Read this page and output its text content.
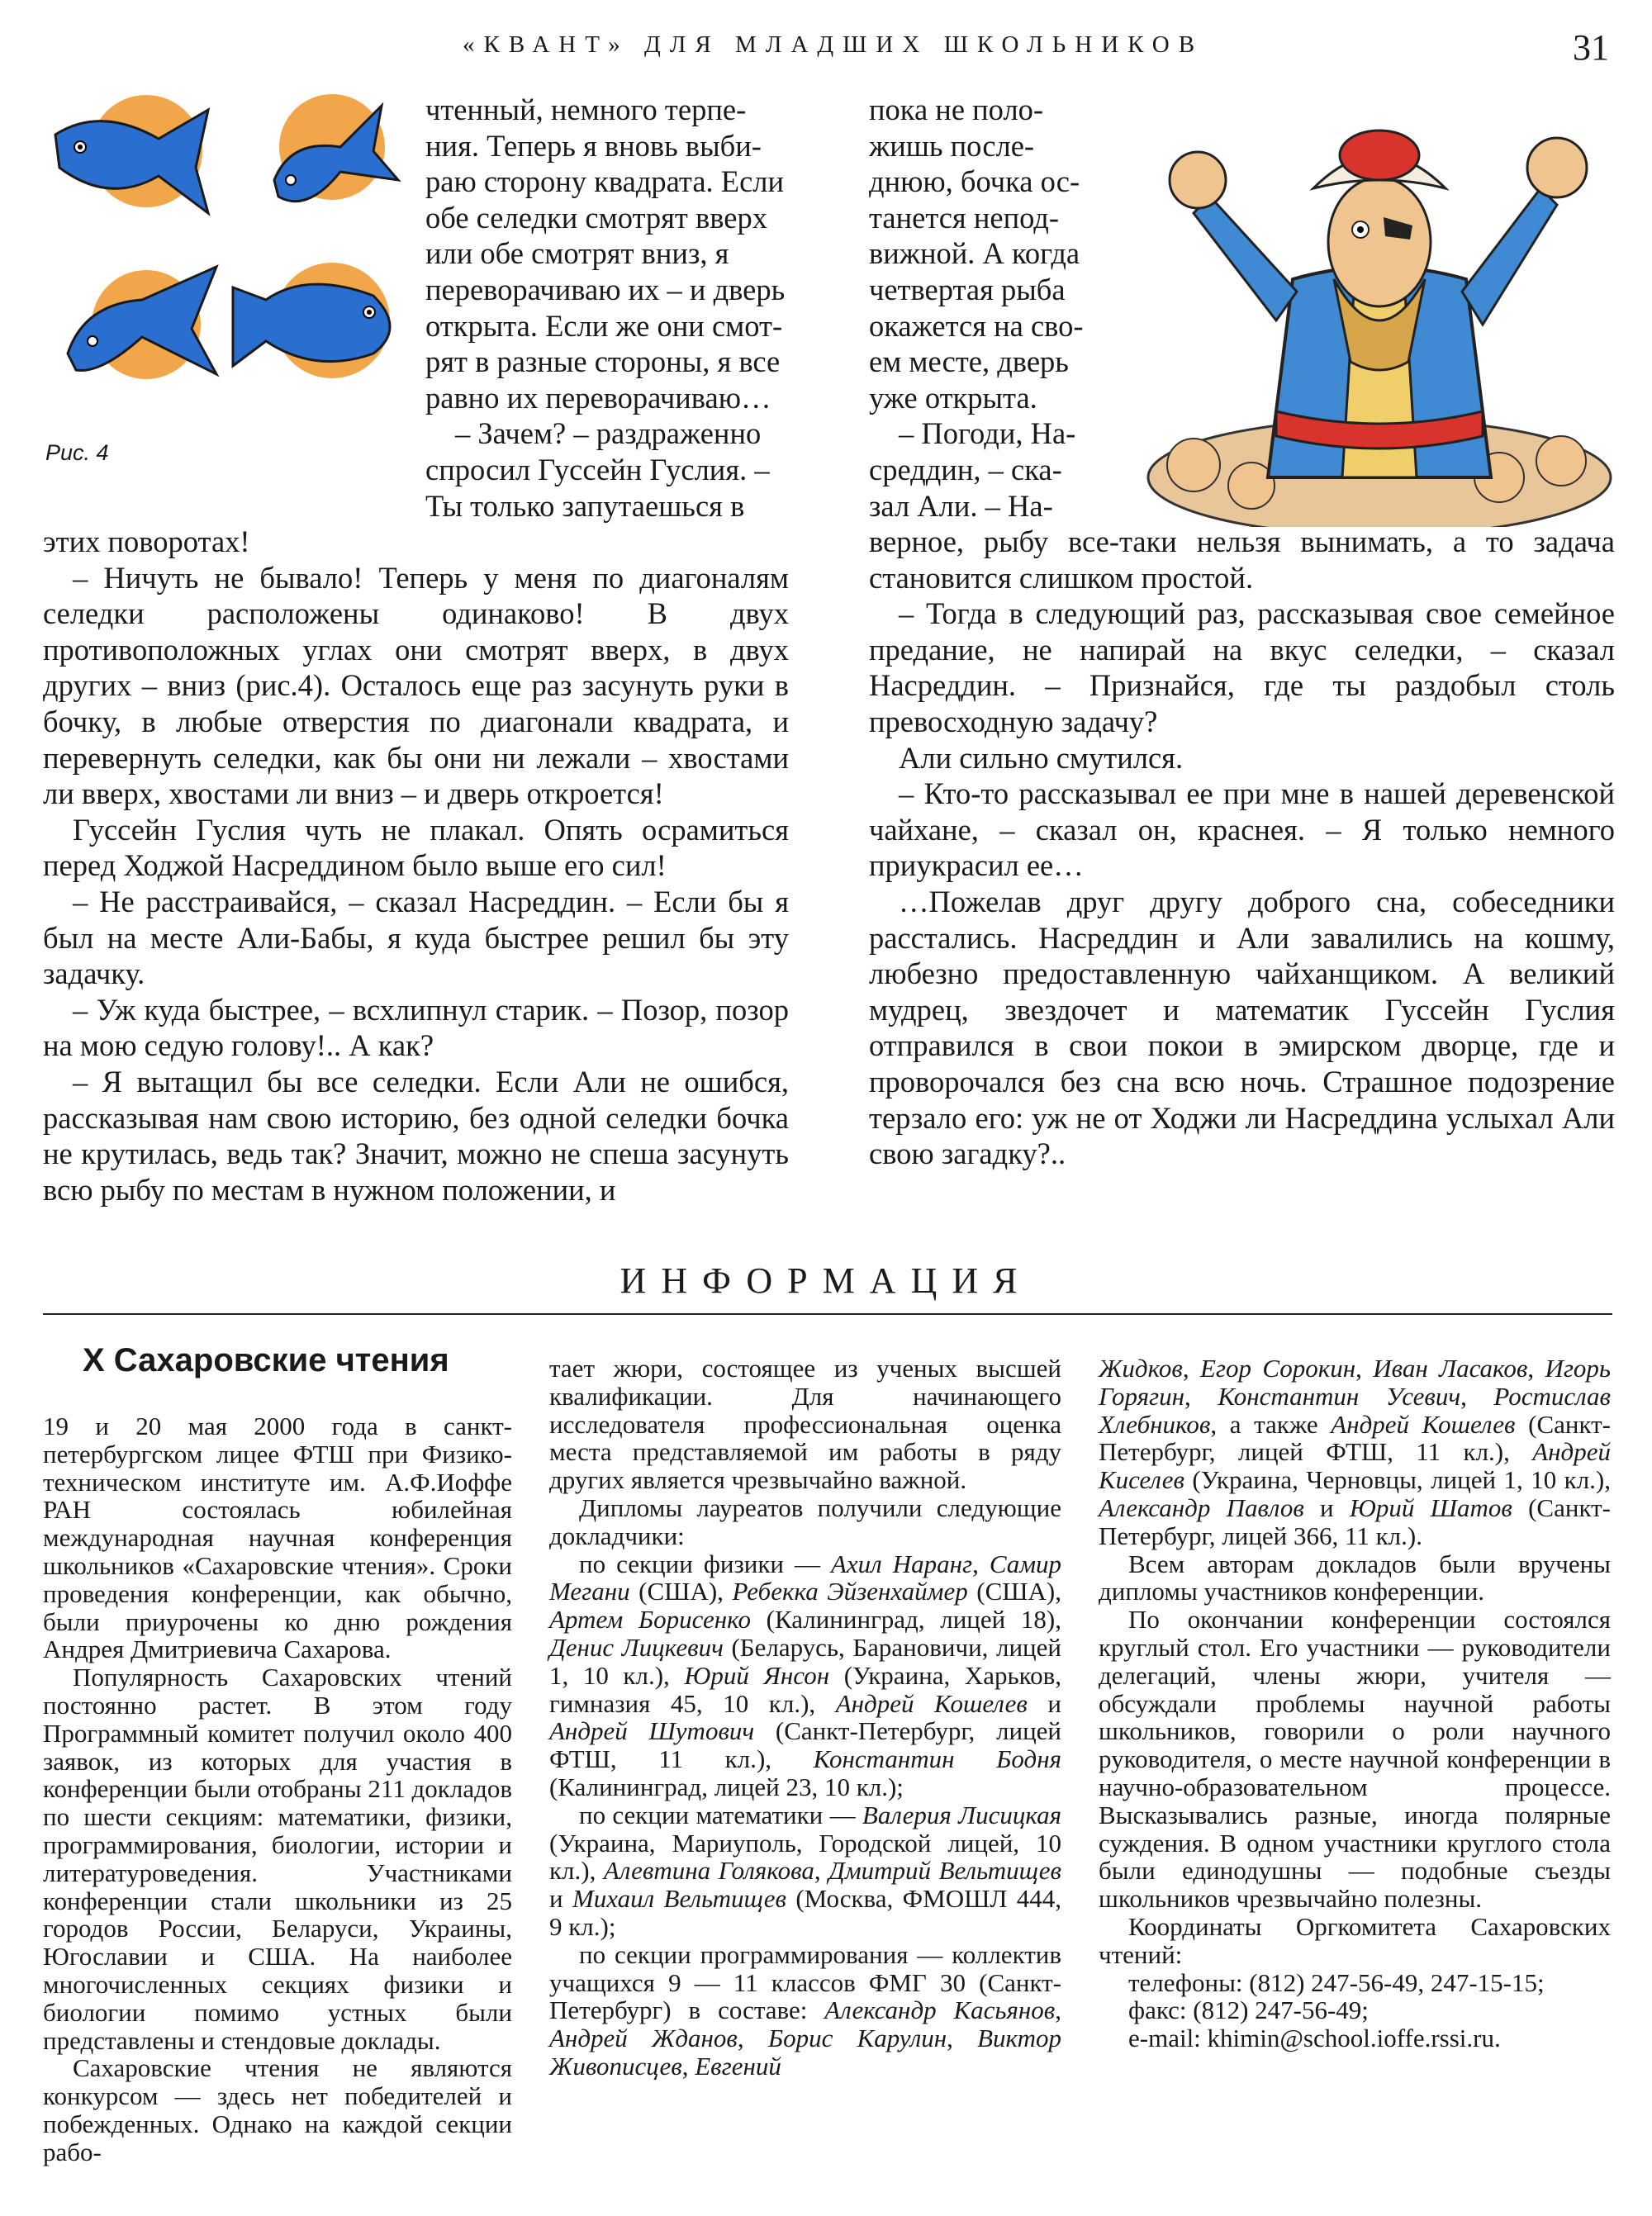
«КВАНТ» ДЛЯ МЛАДШИХ ШКОЛЬНИКОВ	31
Рис. 4
чтенный, немного терпе-
ния. Теперь я вновь выби-
раю сторону квадрата. Если
обе селедки смотрят вверх
или обе смотрят вниз, я
переворачиваю их – и дверь
открыта. Если же они смот-
рят в разные стороны, я все
равно их переворачиваю…
– Зачем? – раздраженно
спросил Гуссейн Гуслия. –
Ты только запутаешься в

этих поворотах!

– Ничуть не бывало! Теперь у меня по диагоналям селедки расположены одинаково! В двух противоположных углах они смотрят вверх, в двух других – вниз (рис.4). Осталось еще раз засунуть руки в бочку, в любые отверстия по диагонали квадрата, и перевернуть селедки, как бы они ни лежали – хвостами ли вверх, хвостами ли вниз – и дверь откроется!

Гуссейн Гуслия чуть не плакал. Опять осрамиться перед Ходжой Насреддином было выше его сил!

– Не расстраивайся, – сказал Насреддин. – Если бы я был на месте Али-Бабы, я куда быстрее решил бы эту задачку.

– Уж куда быстрее, – всхлипнул старик. – Позор, позор на мою седую голову!.. А как?

– Я вытащил бы все селедки. Если Али не ошибся, рассказывая нам свою историю, без одной селедки бочка не крутилась, ведь так? Значит, можно не спеша засунуть всю рыбу по местам в нужном положении, и

пока не поло-
жишь после-
днюю, бочка ос-
танется непод-
вижной. А когда
четвертая рыба
окажется на сво-
ем месте, дверь
уже открыта.
– Погоди, На-
среддин, – ска-
зал Али. – На-

верное, рыбу все-таки нельзя вынимать, а то задача становится слишком простой.

– Тогда в следующий раз, рассказывая свое семейное предание, не напирай на вкус селедки, – сказал Насреддин. – Признайся, где ты раздобыл столь превосходную задачу?

Али сильно смутился.

– Кто-то рассказывал ее при мне в нашей деревенской чайхане, – сказал он, краснея. – Я только немного приукрасил ее…

…Пожелав друг другу доброго сна, собеседники расстались. Насреддин и Али завалились на кошму, любезно предоставленную чайханщиком. А великий мудрец, звездочет и математик Гуссейн Гуслия отправился в свои покои в эмирском дворце, где и проворочался без сна всю ночь. Страшное подозрение терзало его: уж не от Ходжи ли Насреддина услыхал Али свою загадку?..

ИНФОРМАЦИЯ
X Сахаровские чтения

19 и 20 мая 2000 года в санкт-петербургском лицее ФТШ при Физико-техническом институте им. А.Ф.Иоффе РАН состоялась юбилейная международная научная конференция школьников «Сахаровские чтения». Сроки проведения конференции, как обычно, были приурочены ко дню рождения Андрея Дмитриевича Сахарова.

Популярность Сахаровских чтений постоянно растет. В этом году Программный комитет получил около 400 заявок, из которых для участия в конференции были отобраны 211 докладов по шести секциям: математики, физики, программирования, биологии, истории и литературоведения. Участниками конференции стали школьники из 25 городов России, Беларуси, Украины, Югославии и США. На наиболее многочисленных секциях физики и биологии помимо устных были представлены и стендовые доклады.

Сахаровские чтения не являются конкурсом — здесь нет победителей и побежденных. Однако на каждой секции рабо-

тает жюри, состоящее из ученых высшей квалификации. Для начинающего исследователя профессиональная оценка места представляемой им работы в ряду других является чрезвычайно важной.

Дипломы лауреатов получили следующие докладчики:

по секции физики — Ахил Наранг, Самир Мегани (США), Ребекка Эйзенхаймер (США), Артем Борисенко (Калининград, лицей 18), Денис Лицкевич (Беларусь, Барановичи, лицей 1, 10 кл.), Юрий Янсон (Украина, Харьков, гимназия 45, 10 кл.), Андрей Кошелев и Андрей Шутович (Санкт-Петербург, лицей ФТШ, 11 кл.), Константин Бодня (Калининград, лицей 23, 10 кл.);

по секции математики — Валерия Лисицкая (Украина, Мариуполь, Городской лицей, 10 кл.), Алевтина Голякова, Дмитрий Вельтищев и Михаил Вельтищев (Москва, ФМОШЛ 444, 9 кл.);

по секции программирования — коллектив учащихся 9 — 11 классов ФМГ 30 (Санкт-Петербург) в составе: Александр Касьянов, Андрей Жданов, Борис Карулин, Виктор Живописцев, Евгений

Жидков, Егор Сорокин, Иван Ласаков, Игорь Горягин, Константин Усевич, Ростислав Хлебников, а также Андрей Кошелев (Санкт-Петербург, лицей ФТШ, 11 кл.), Андрей Киселев (Украина, Черновцы, лицей 1, 10 кл.), Александр Павлов и Юрий Шатов (Санкт-Петербург, лицей 366, 11 кл.).

Всем авторам докладов были вручены дипломы участников конференции.

По окончании конференции состоялся круглый стол. Его участники — руководители делегаций, члены жюри, учителя — обсуждали проблемы научной работы школьников, говорили о роли научного руководителя, о месте научной конференции в научно-образовательном процессе. Высказывались разные, иногда полярные суждения. В одном участники круглого стола были единодушны — подобные съезды школьников чрезвычайно полезны.

Координаты Оргкомитета Сахаровских чтений:

телефоны: (812) 247-56-49, 247-15-15;

факс: (812) 247-56-49;

e-mail: khimin@school.ioffe.rssi.ru.
